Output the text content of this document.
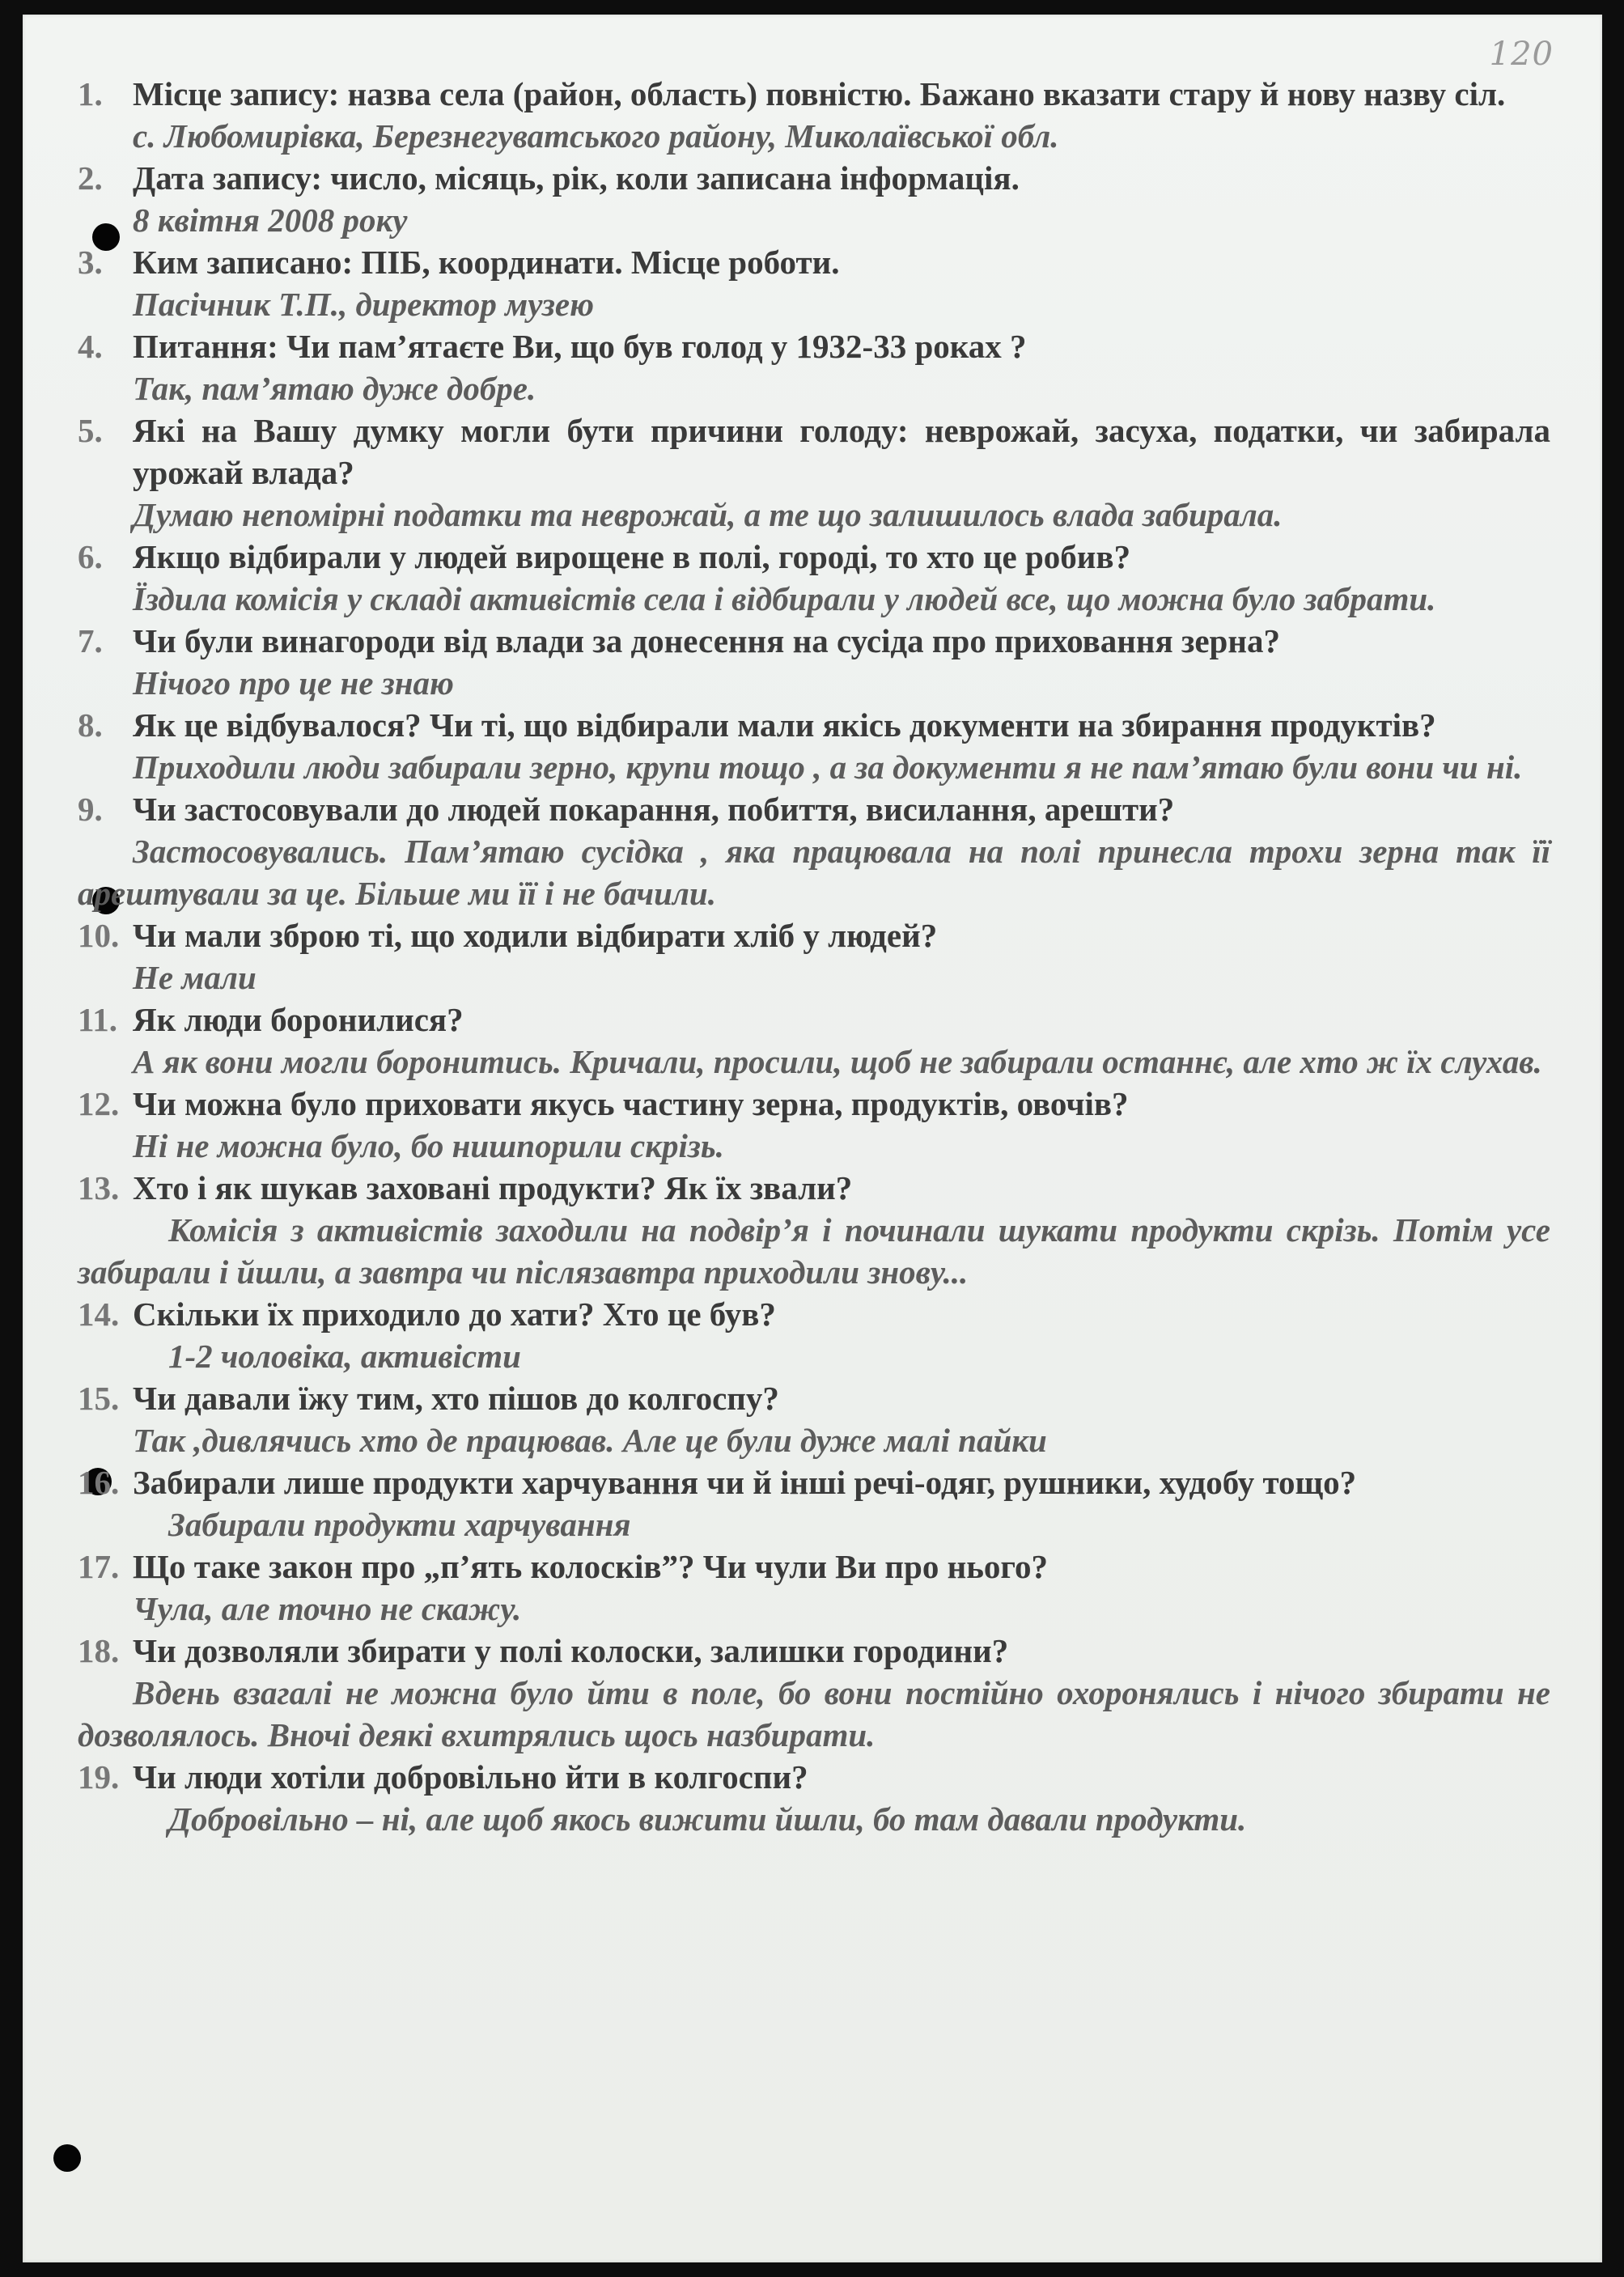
120

1. Місце запису: назва села (район, область) повністю. Бажано вказати стару й нову назву сіл.

с. Любомирівка, Березнегуватського району, Миколаївської обл.

2. Дата запису: число, місяць, рік, коли записана інформація.

8 квітня 2008 року

3. Ким записано: ПІБ, координати. Місце роботи.

Пасічник Т.П., директор музею

4. Питання: Чи пам’ятаєте Ви, що був голод у 1932-33 роках ?

Так, пам’ятаю дуже добре.

5. Які на Вашу думку могли бути причини голоду: неврожай, засуха, податки, чи забирала урожай влада?

Думаю непомірні податки та неврожай, а те що залишилось влада забирала.

6. Якщо відбирали у людей вирощене в полі, городі, то хто це робив?

Їздила комісія у складі активістів села і відбирали у людей все, що можна було забрати.

7. Чи були винагороди від влади за донесення на сусіда про приховання зерна?

Нічого про це не знаю

8. Як це відбувалося? Чи ті, що відбирали мали якісь документи на збирання продуктів?

Приходили люди забирали зерно, крупи тощо , а за документи я не пам’ятаю були вони чи ні.

9. Чи застосовували до людей покарання, побиття, висилання, арешти?

Застосовувались. Пам’ятаю сусідка , яка працювала на полі принесла трохи зерна так її арештували за це. Більше ми її і не бачили.

10. Чи мали зброю ті, що ходили відбирати хліб у людей?

Не мали

11. Як люди боронилися?

А як вони могли боронитись. Кричали, просили, щоб не забирали останнє, але хто ж їх слухав.

12. Чи можна було приховати якусь частину зерна, продуктів, овочів?

Ні не можна було, бо нишпорили скрізь.

13. Хто і як шукав заховані продукти? Як їх звали?

Комісія з активістів заходили на подвір’я і починали шукати продукти скрізь. Потім усе забирали і йшли, а завтра чи післязавтра приходили знову...

14. Скільки їх приходило до хати? Хто це був?

1-2 чоловіка, активісти

15. Чи давали їжу тим, хто пішов до колгоспу?

Так ,дивлячись хто де працював. Але це були дуже малі пайки

16. Забирали лише продукти харчування чи й інші речі-одяг, рушники, худобу тощо?

Забирали продукти харчування

17. Що таке закон про „п’ять колосків”? Чи чули Ви про нього?

Чула, але точно не скажу.

18. Чи дозволяли збирати у полі колоски, залишки городини?

Вдень взагалі не можна було йти в поле, бо вони постійно охоронялись і нічого збирати не дозволялось. Вночі деякі вхитрялись щось назбирати.

19. Чи люди хотіли добровільно йти в колгоспи?

Добровільно – ні, але щоб якось вижити йшли, бо там давали продукти.
